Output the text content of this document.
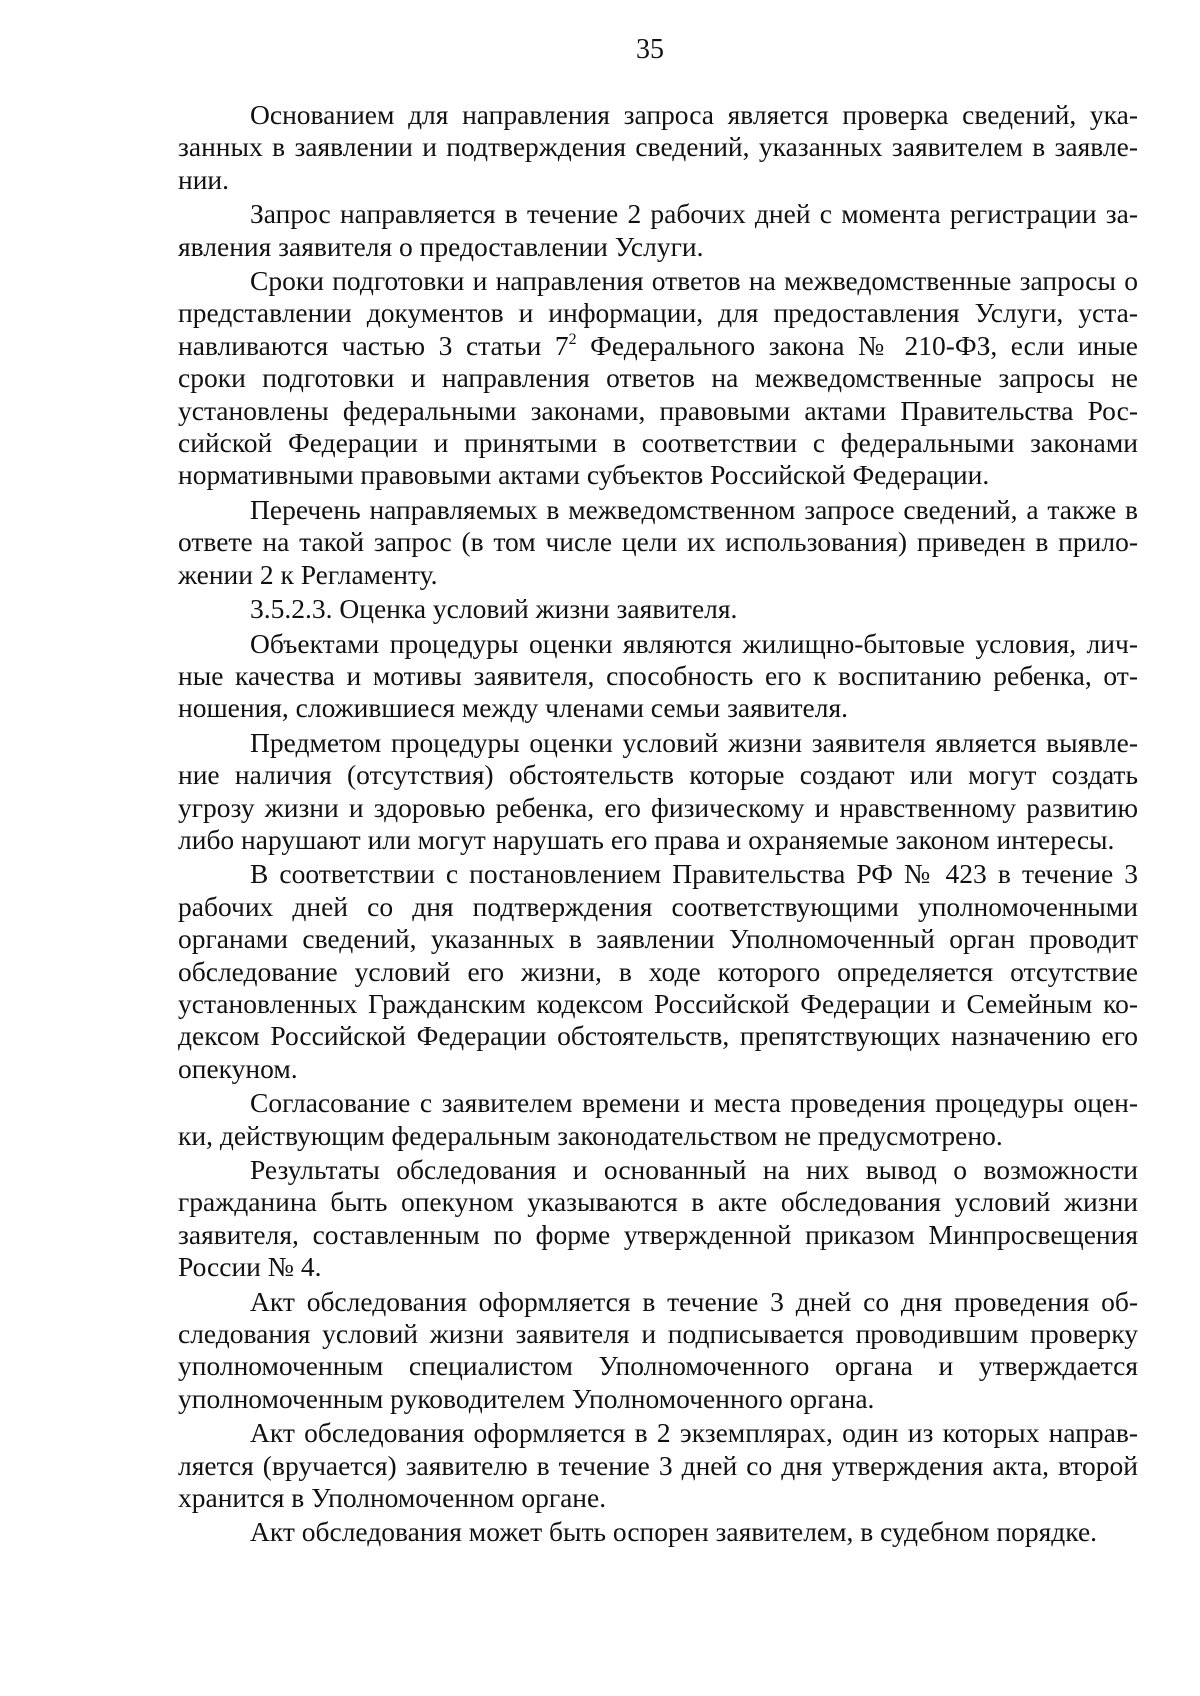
35

Основанием для направления запроса является проверка сведений, указанных в заявлении и подтверждения сведений, указанных заявителем в заявлении.

Запрос направляется в течение 2 рабочих дней с момента регистрации заявления заявителя о предоставлении Услуги.

Сроки подготовки и направления ответов на межведомственные запросы о представлении документов и информации, для предоставления Услуги, устанавливаются частью 3 статьи $7^2$ Федерального закона № 210-ФЗ, если иные сроки подготовки и направления ответов на межведомственные запросы не установлены федеральными законами, правовыми актами Правительства Российской Федерации и принятыми в соответствии с федеральными законами нормативными правовыми актами субъектов Российской Федерации.

Перечень направляемых в межведомственном запросе сведений, а также в ответе на такой запрос (в том числе цели их использования) приведен в приложении 2 к Регламенту.

3.5.2.3. Оценка условий жизни заявителя.

Объектами процедуры оценки являются жилищно-бытовые условия, личные качества и мотивы заявителя, способность его к воспитанию ребенка, отношения, сложившиеся между членами семьи заявителя.

Предметом процедуры оценки условий жизни заявителя является выявление наличия (отсутствия) обстоятельств которые создают или могут создать угрозу жизни и здоровью ребенка, его физическому и нравственному развитию либо нарушают или могут нарушать его права и охраняемые законом интересы.

В соответствии с постановлением Правительства РФ № 423 в течение 3 рабочих дней со дня подтверждения соответствующими уполномоченными органами сведений, указанных в заявлении Уполномоченный орган проводит обследование условий его жизни, в ходе которого определяется отсутствие установленных Гражданским кодексом Российской Федерации и Семейным кодексом Российской Федерации обстоятельств, препятствующих назначению его опекуном.

Согласование с заявителем времени и места проведения процедуры оценки, действующим федеральным законодательством не предусмотрено.

Результаты обследования и основанный на них вывод о возможности гражданина быть опекуном указываются в акте обследования условий жизни заявителя, составленным по форме утвержденной приказом Минпросвещения России № 4.

Акт обследования оформляется в течение 3 дней со дня проведения обследования условий жизни заявителя и подписывается проводившим проверку уполномоченным специалистом Уполномоченного органа и утверждается уполномоченным руководителем Уполномоченного органа.

Акт обследования оформляется в 2 экземплярах, один из которых направляется (вручается) заявителю в течение 3 дней со дня утверждения акта, второй хранится в Уполномоченном органе.

Акт обследования может быть оспорен заявителем, в судебном порядке.
